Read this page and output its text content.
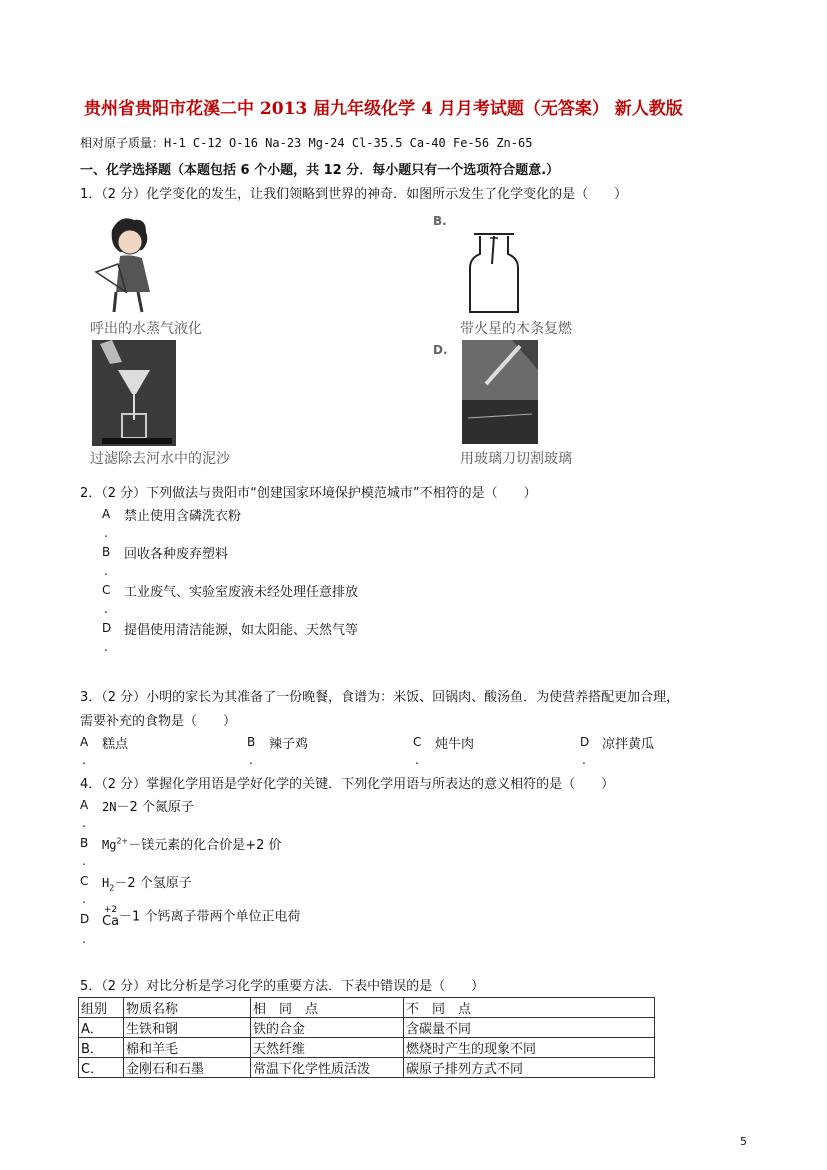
贵州省贵阳市花溪二中 2013 届九年级化学 4 月月考试题（无答案） 新人教版
相对原子质量：H-1 C-12 O-16 Na-23 Mg-24 Cl-35.5 Ca-40 Fe-56 Zn-65
一、化学选择题（本题包括 6 个小题，共 12 分．每小题只有一个选项符合题意.）
1．（2 分）化学变化的发生，让我们领略到世界的神奇．如图所示发生了化学变化的是（　　）
呼出的水蒸气液化
B.
带火星的木条复燃
过滤除去河水中的泥沙
D.
用玻璃刀切割玻璃
2．（2 分）下列做法与贵阳市“创建国家环境保护模范城市”不相符的是（　　）
A 禁止使用含磷洗衣粉
.
B 回收各种废弃塑料
.
C 工业废气、实验室废液未经处理任意排放
.
D 提倡使用清洁能源，如太阳能、天然气等
.
3．（2 分）小明的家长为其准备了一份晚餐，食谱为：米饭、回锅肉、酸汤鱼．为使营养搭配更加合理，
需要补充的食物是（　　）
A 糕点	B 辣子鸡	C 炖牛肉	D 凉拌黄瓜
.	.	.	.
4．（2 分）掌握化学用语是学好化学的关键．下列化学用语与所表达的意义相符的是（　　）
A 2N－2 个氮原子
.
B $Mg^{2+}-$镁元素的化合价是+2 价
.
C $H_2-2$ 个氢原子
.
D
+2
Ca －1 个钙离子带两个单位正电荷
.
5．（2 分）对比分析是学习化学的重要方法．下表中错误的是（　　）
组别	物质名称	相　同　点	不　同　点
A．	生铁和钢	铁的合金	含碳量不同
B．	棉和羊毛	天然纤维	燃烧时产生的现象不同
C．	金刚石和石墨	常温下化学性质活泼	碳原子排列方式不同
5
